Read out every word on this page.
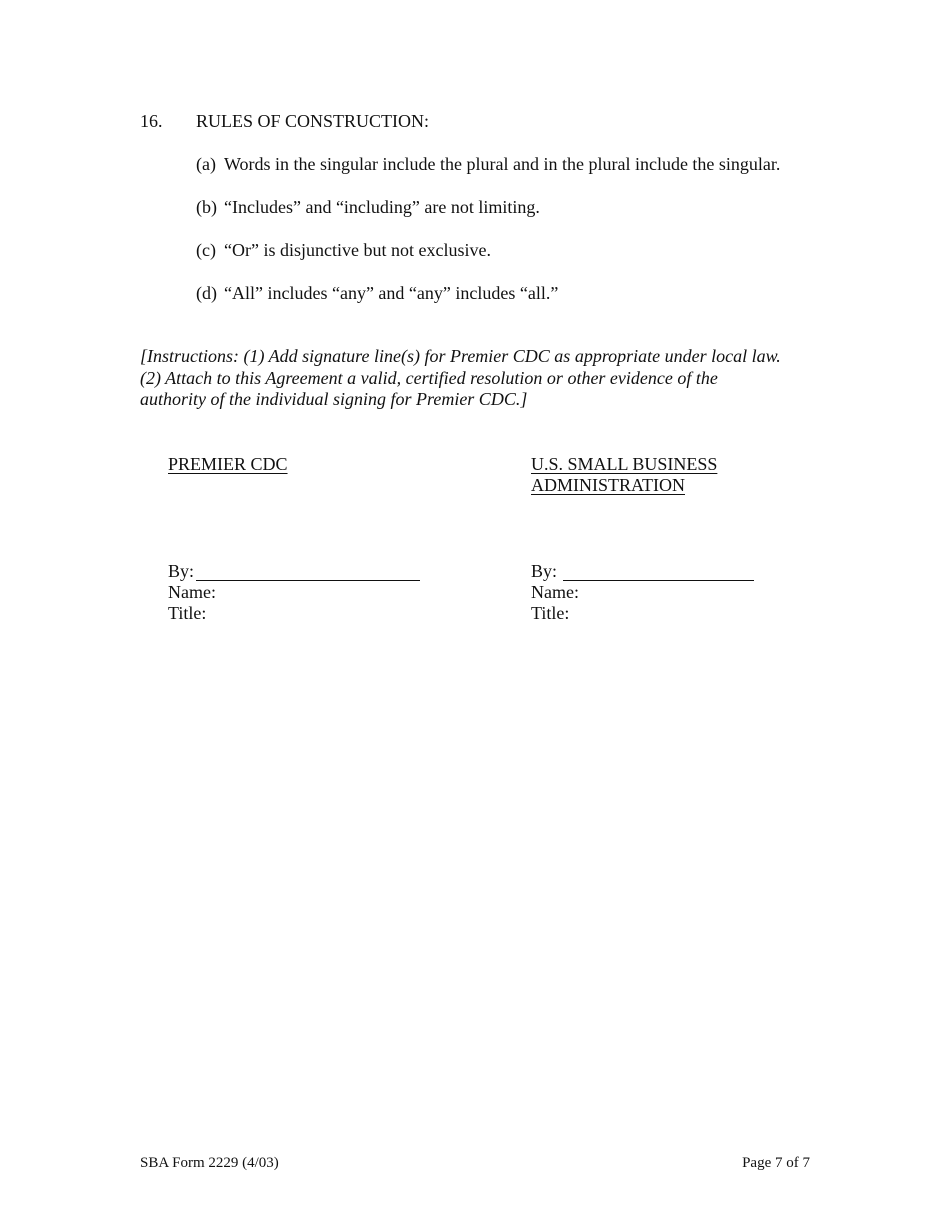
16. RULES OF CONSTRUCTION:
(a) Words in the singular include the plural and in the plural include the singular.
(b) “Includes” and “including” are not limiting.
(c) “Or” is disjunctive but not exclusive.
(d) “All” includes “any” and “any” includes “all.”
[Instructions: (1) Add signature line(s) for Premier CDC as appropriate under local law.
(2) Attach to this Agreement a valid, certified resolution or other evidence of the
authority of the individual signing for Premier CDC.]
PREMIER CDC	U.S. SMALL BUSINESS
ADMINISTRATION
By:
Name:
Title:
By:
Name:
Title:
SBA Form 2229 (4/03)	Page 7 of 7
